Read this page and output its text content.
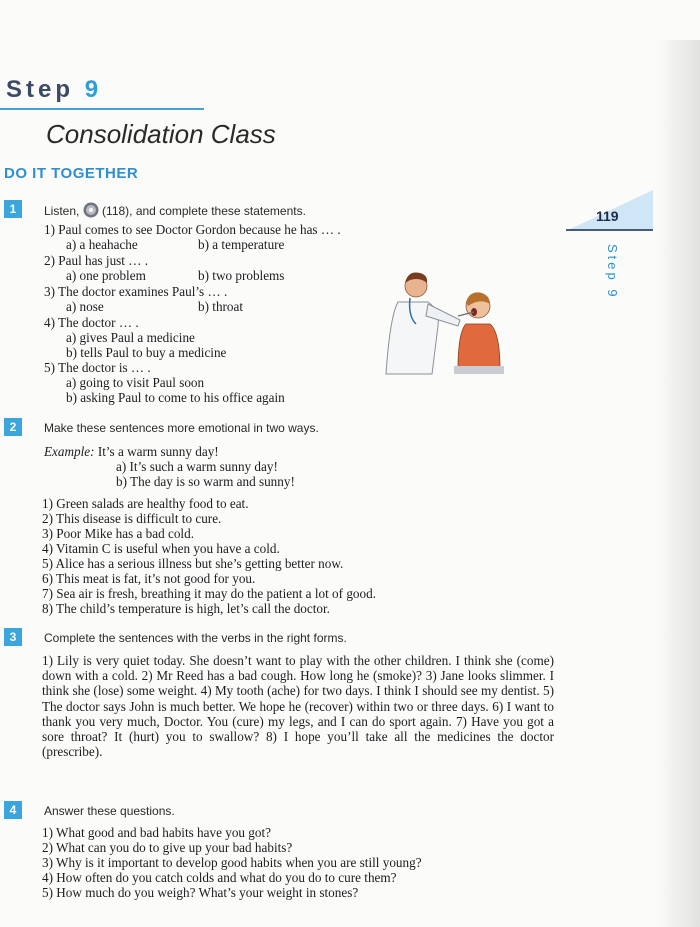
Step 9
Consolidation Class
DO IT TOGETHER
119
Step 9
1	Listen, (118), and complete these statements.
1) Paul comes to see Doctor Gordon because he has … .
a) a heahache	b) a temperature
2) Paul has just … .
a) one problem	b) two problems
3) The doctor examines Paul’s … .
a) nose	b) throat
4) The doctor … .
a) gives Paul a medicine
b) tells Paul to buy a medicine
5) The doctor is … .
a) going to visit Paul soon
b) asking Paul to come to his office again
2	Make these sentences more emotional in two ways.
Example: It’s a warm sunny day!
a) It’s such a warm sunny day!
b) The day is so warm and sunny!
1) Green salads are healthy food to eat.
2) This disease is difficult to cure.
3) Poor Mike has a bad cold.
4) Vitamin C is useful when you have a cold.
5) Alice has a serious illness but she’s getting better now.
6) This meat is fat, it’s not good for you.
7) Sea air is fresh, breathing it may do the patient a lot of good.
8) The child’s temperature is high, let’s call the doctor.
3	Complete the sentences with the verbs in the right forms.
1) Lily is very quiet today. She doesn’t want to play with the other children. I think she (come) down with a cold. 2) Mr Reed has a bad cough. How long he (smoke)? 3) Jane looks slimmer. I think she (lose) some weight. 4) My tooth (ache) for two days. I think I should see my dentist. 5) The doctor says John is much better. We hope he (recover) within two or three days. 6) I want to thank you very much, Doctor. You (cure) my legs, and I can do sport again. 7) Have you got a sore throat? It (hurt) you to swallow? 8) I hope you’ll take all the medicines the doctor (prescribe).
4	Answer these questions.
1) What good and bad habits have you got?
2) What can you do to give up your bad habits?
3) Why is it important to develop good habits when you are still young?
4) How often do you catch colds and what do you do to cure them?
5) How much do you weigh? What’s your weight in stones?
